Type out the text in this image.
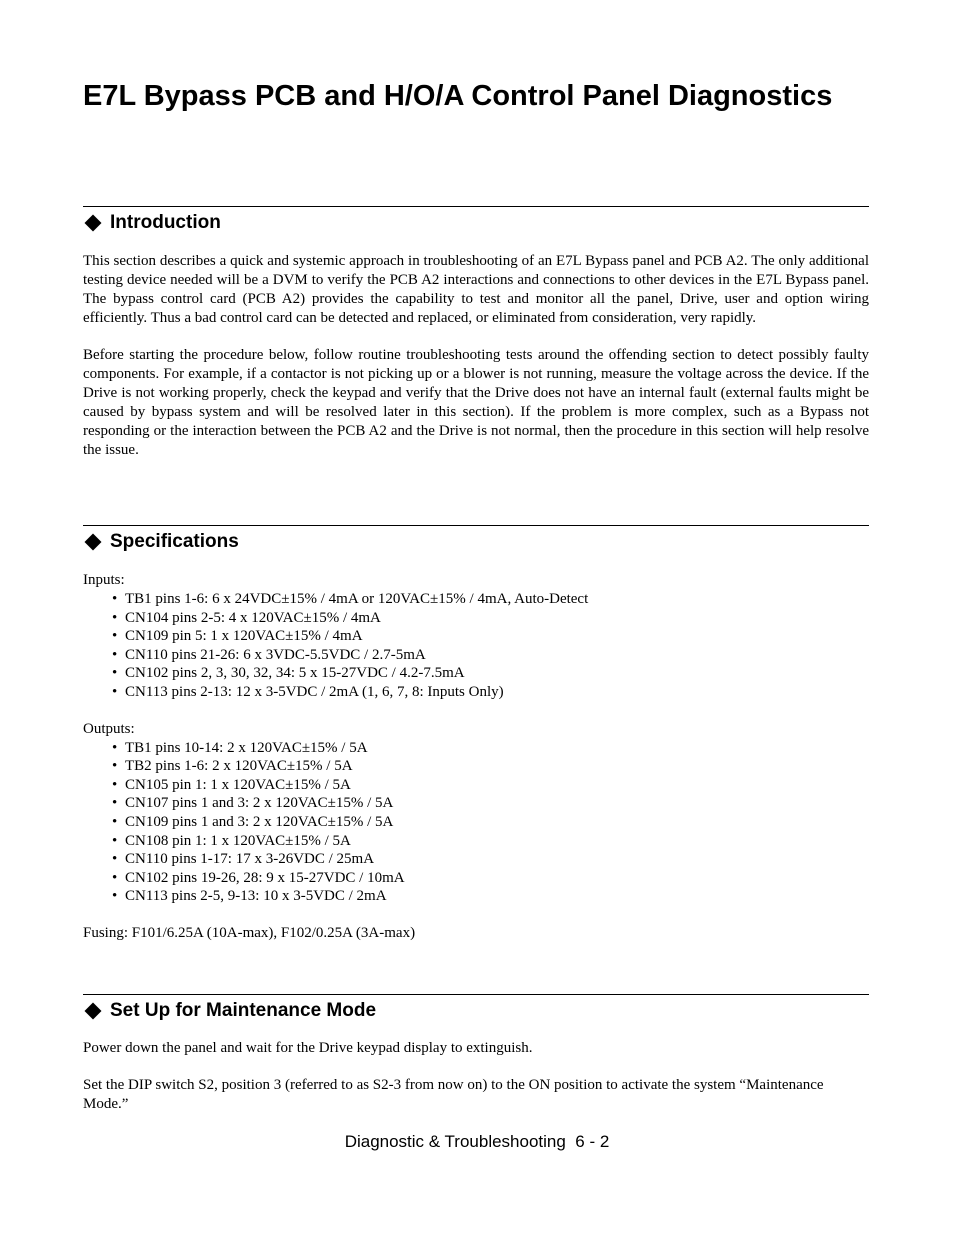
E7L Bypass PCB and H/O/A Control Panel Diagnostics
Introduction

This section describes a quick and systemic approach in troubleshooting of an E7L Bypass panel and PCB A2. The only additional testing device needed will be a DVM to verify the PCB A2 interactions and connections to other devices in the E7L Bypass panel. The bypass control card (PCB A2) provides the capability to test and monitor all the panel, Drive, user and option wiring efficiently. Thus a bad control card can be detected and replaced, or eliminated from consideration, very rapidly.

Before starting the procedure below, follow routine troubleshooting tests around the offending section to detect possibly faulty components. For example, if a contactor is not picking up or a blower is not running, measure the voltage across the device. If the Drive is not working properly, check the keypad and verify that the Drive does not have an internal fault (external faults might be caused by bypass system and will be resolved later in this section). If the problem is more complex, such as a Bypass not responding or the interaction between the PCB A2 and the Drive is not normal, then the procedure in this section will help resolve the issue.

Specifications

Inputs:

• TB1 pins 1-6: 6 x 24VDC±15% / 4mA or 120VAC±15% / 4mA, Auto-Detect
• CN104 pins 2-5: 4 x 120VAC±15% / 4mA
• CN109 pin 5: 1 x 120VAC±15% / 4mA
• CN110 pins 21-26: 6 x 3VDC-5.5VDC / 2.7-5mA
• CN102 pins 2, 3, 30, 32, 34: 5 x 15-27VDC / 4.2-7.5mA
• CN113 pins 2-13: 12 x 3-5VDC / 2mA (1, 6, 7, 8: Inputs Only)

Outputs:

• TB1 pins 10-14: 2 x 120VAC±15% / 5A
• TB2 pins 1-6: 2 x 120VAC±15% / 5A
• CN105 pin 1: 1 x 120VAC±15% / 5A
• CN107 pins 1 and 3: 2 x 120VAC±15% / 5A
• CN109 pins 1 and 3: 2 x 120VAC±15% / 5A
• CN108 pin 1: 1 x 120VAC±15% / 5A
• CN110 pins 1-17: 17 x 3-26VDC / 25mA
• CN102 pins 19-26, 28: 9 x 15-27VDC / 10mA
• CN113 pins 2-5, 9-13: 10 x 3-5VDC / 2mA

Fusing: F101/6.25A (10A-max), F102/0.25A (3A-max)

Set Up for Maintenance Mode

Power down the panel and wait for the Drive keypad display to extinguish.

Set the DIP switch S2, position 3 (referred to as S2-3 from now on) to the ON position to activate the system “Maintenance Mode.”

Diagnostic & Troubleshooting  6 - 2
